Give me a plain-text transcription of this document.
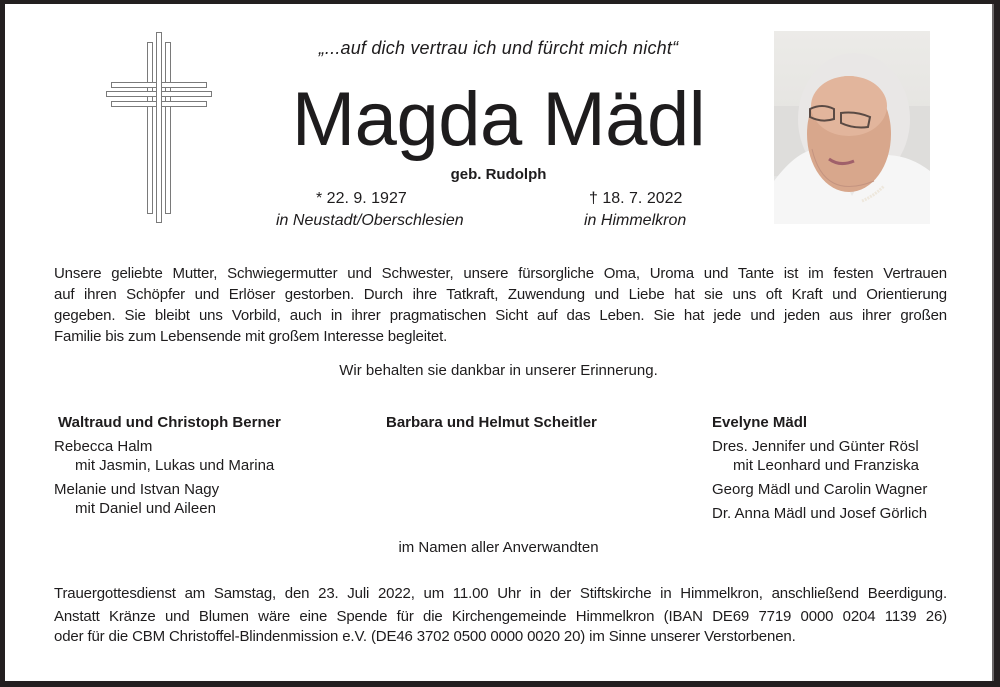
„...auf dich vertrau ich und fürcht mich nicht“
Magda Mädl
geb. Rudolph
* 22. 9. 1927
in Neustadt/Oberschlesien
† 18. 7. 2022
in Himmelkron
Unsere geliebte Mutter, Schwiegermutter und Schwester, unsere fürsorgliche Oma, Uroma und Tante ist im festen Vertrauen
auf ihren Schöpfer und Erlöser gestorben. Durch ihre Tatkraft, Zuwendung und Liebe hat sie uns oft Kraft und Orientierung
gegeben. Sie bleibt uns Vorbild, auch in ihrer pragmatischen Sicht auf das Leben. Sie hat jede und jeden aus ihrer großen
Familie bis zum Lebensende mit großem Interesse begleitet.
Wir behalten sie dankbar in unserer Erinnerung.
Waltraud und Christoph Berner
Rebecca Halm
mit Jasmin, Lukas und Marina
Melanie und Istvan Nagy
mit Daniel und Aileen
Barbara und Helmut Scheitler	Evelyne Mädl
Dres. Jennifer und Günter Rösl
mit Leonhard und Franziska
Georg Mädl und Carolin Wagner
Dr. Anna Mädl und Josef Görlich
im Namen aller Anverwandten
Trauergottesdienst am Samstag, den 23. Juli 2022, um 11.00 Uhr in der Stiftskirche in Himmelkron, anschließend Beerdigung.
Anstatt Kränze und Blumen wäre eine Spende für die Kirchengemeinde Himmelkron (IBAN DE69 7719 0000 0204 1139 26)
oder für die CBM Christoffel-Blindenmission e.V. (DE46 3702 0500 0000 0020 20) im Sinne unserer Verstorbenen.
